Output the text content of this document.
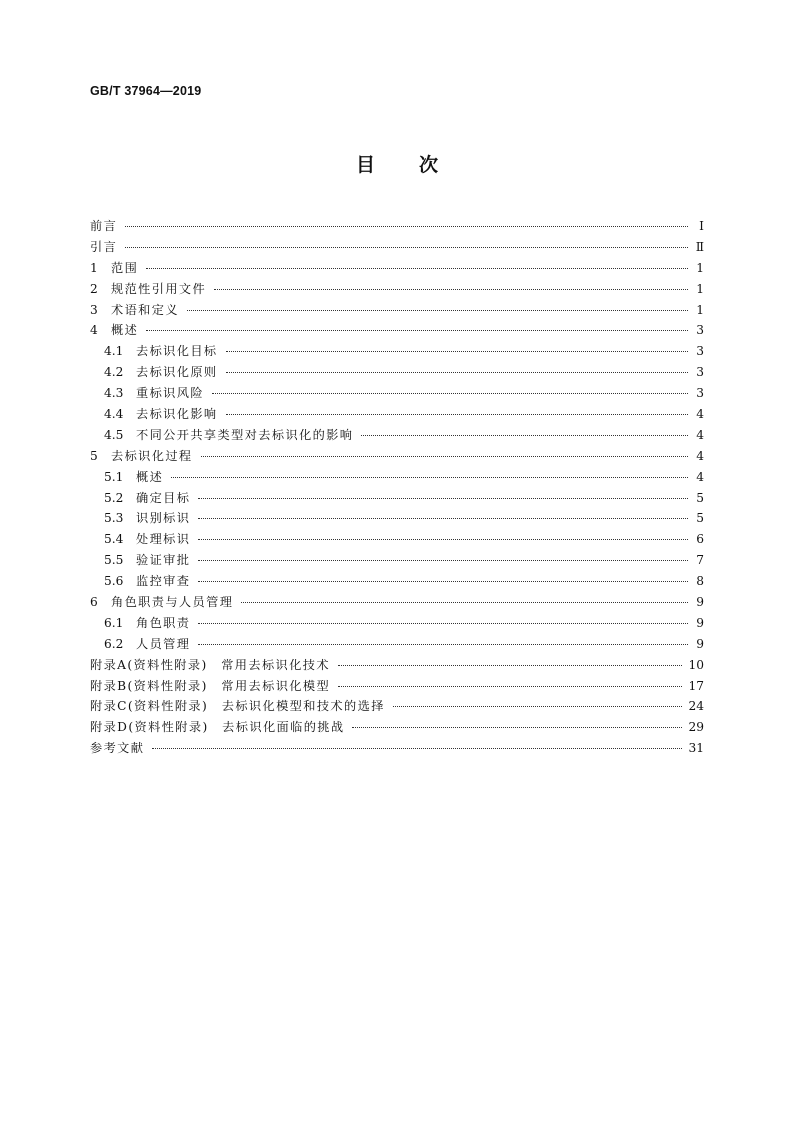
GB/T 37964—2019
目 次
前言	Ⅰ
引言	Ⅱ
1	范围	1
2	规范性引用文件	1
3	术语和定义	1
4	概述	3
4.1	去标识化目标	3
4.2	去标识化原则	3
4.3	重标识风险	3
4.4	去标识化影响	4
4.5	不同公开共享类型对去标识化的影响	4
5	去标识化过程	4
5.1	概述	4
5.2	确定目标	5
5.3	识别标识	5
5.4	处理标识	6
5.5	验证审批	7
5.6	监控审查	8
6	角色职责与人员管理	9
6.1	角色职责	9
6.2	人员管理	9
附录A(资料性附录)　常用去标识化技术	10
附录B(资料性附录)　常用去标识化模型	17
附录C(资料性附录)　去标识化模型和技术的选择	24
附录D(资料性附录)　去标识化面临的挑战	29
参考文献	31
